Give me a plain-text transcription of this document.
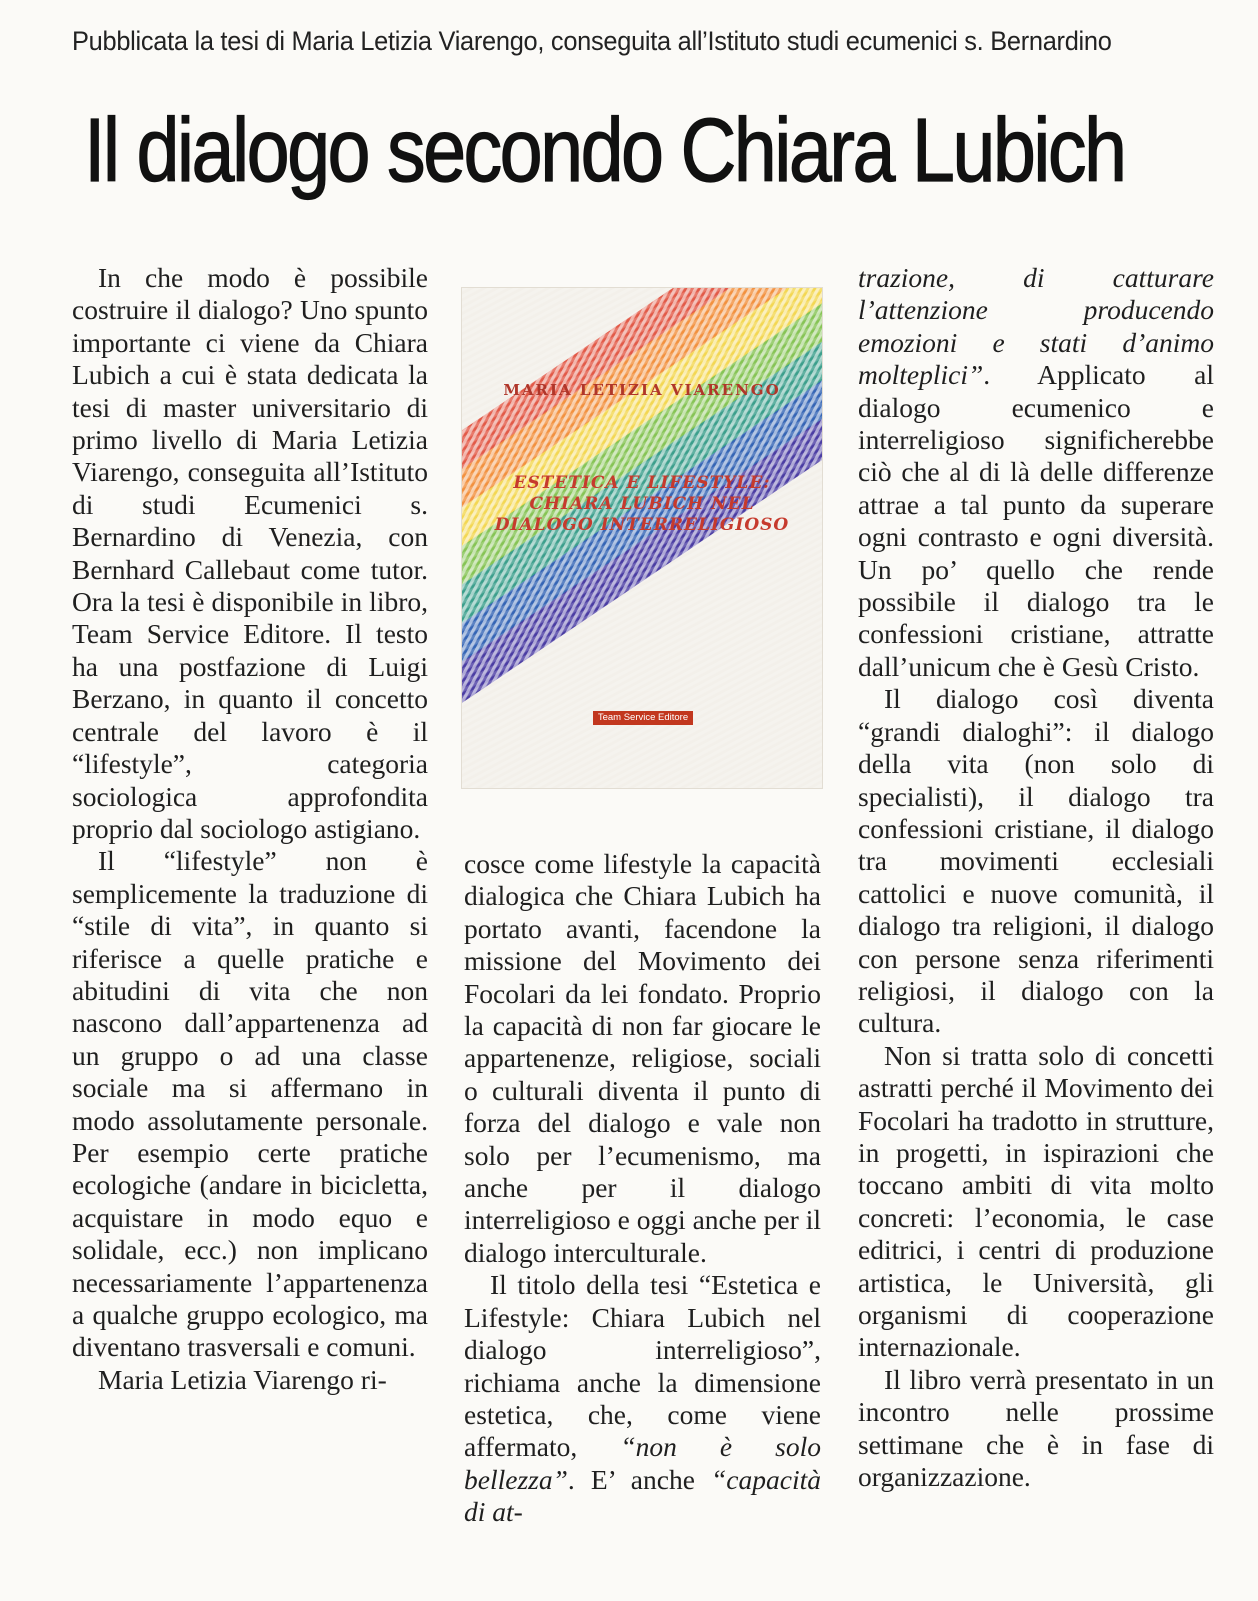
Pubblicata la tesi di Maria Letizia Viarengo, conseguita all’Istituto studi ecumenici s. Bernardino
Il dialogo secondo Chiara Lubich

In che modo è possibile costruire il dialogo? Uno spunto importante ci viene da Chiara Lubich a cui è stata dedicata la tesi di master universitario di primo livello di Maria Letizia Viarengo, conseguita all’Istituto di studi Ecumenici s. Bernardino di Venezia, con Bernhard Callebaut come tutor. Ora la tesi è disponibile in libro, Team Service Editore. Il testo ha una postfazione di Luigi Berzano, in quanto il concetto centrale del lavoro è il “lifestyle”, categoria sociologica approfondita proprio dal sociologo astigiano.

Il “lifestyle” non è semplicemente la traduzione di “stile di vita”, in quanto si riferisce a quelle pratiche e abitudini di vita che non nascono dall’appartenenza ad un gruppo o ad una classe sociale ma si affermano in modo assolutamente personale. Per esempio certe pratiche ecologiche (andare in bicicletta, acquistare in modo equo e solidale, ecc.) non implicano necessariamente l’appartenenza a qualche gruppo ecologico, ma diventano trasversali e comuni.

Maria Letizia Viarengo ri-

MARIA LETIZIA VIARENGO
ESTETICA E LIFESTYLE:
CHIARA LUBICH NEL
DIALOGO INTERRELIGIOSO
Team Service Editore

cosce come lifestyle la capacità dialogica che Chiara Lubich ha portato avanti, facendone la missione del Movimento dei Focolari da lei fondato. Proprio la capacità di non far giocare le appartenenze, religiose, sociali o culturali diventa il punto di forza del dialogo e vale non solo per l’ecumenismo, ma anche per il dialogo interreligioso e oggi anche per il dialogo interculturale.

Il titolo della tesi “Estetica e Lifestyle: Chiara Lubich nel dialogo interreligioso”, richiama anche la dimensione estetica, che, come viene affermato, “non è solo bellezza”. E’ anche “capacità di at-

trazione, di catturare l’attenzione producendo emozioni e stati d’animo molteplici”. Applicato al dialogo ecumenico e interreligioso significherebbe ciò che al di là delle differenze attrae a tal punto da superare ogni contrasto e ogni diversità. Un po’ quello che rende possibile il dialogo tra le confessioni cristiane, attratte dall’unicum che è Gesù Cristo.

Il dialogo così diventa “grandi dialoghi”: il dialogo della vita (non solo di specialisti), il dialogo tra confessioni cristiane, il dialogo tra movimenti ecclesiali cattolici e nuove comunità, il dialogo tra religioni, il dialogo con persone senza riferimenti religiosi, il dialogo con la cultura.

Non si tratta solo di concetti astratti perché il Movimento dei Focolari ha tradotto in strutture, in progetti, in ispirazioni che toccano ambiti di vita molto concreti: l’economia, le case editrici, i centri di produzione artistica, le Università, gli organismi di cooperazione internazionale.

Il libro verrà presentato in un incontro nelle prossime settimane che è in fase di organizzazione.
